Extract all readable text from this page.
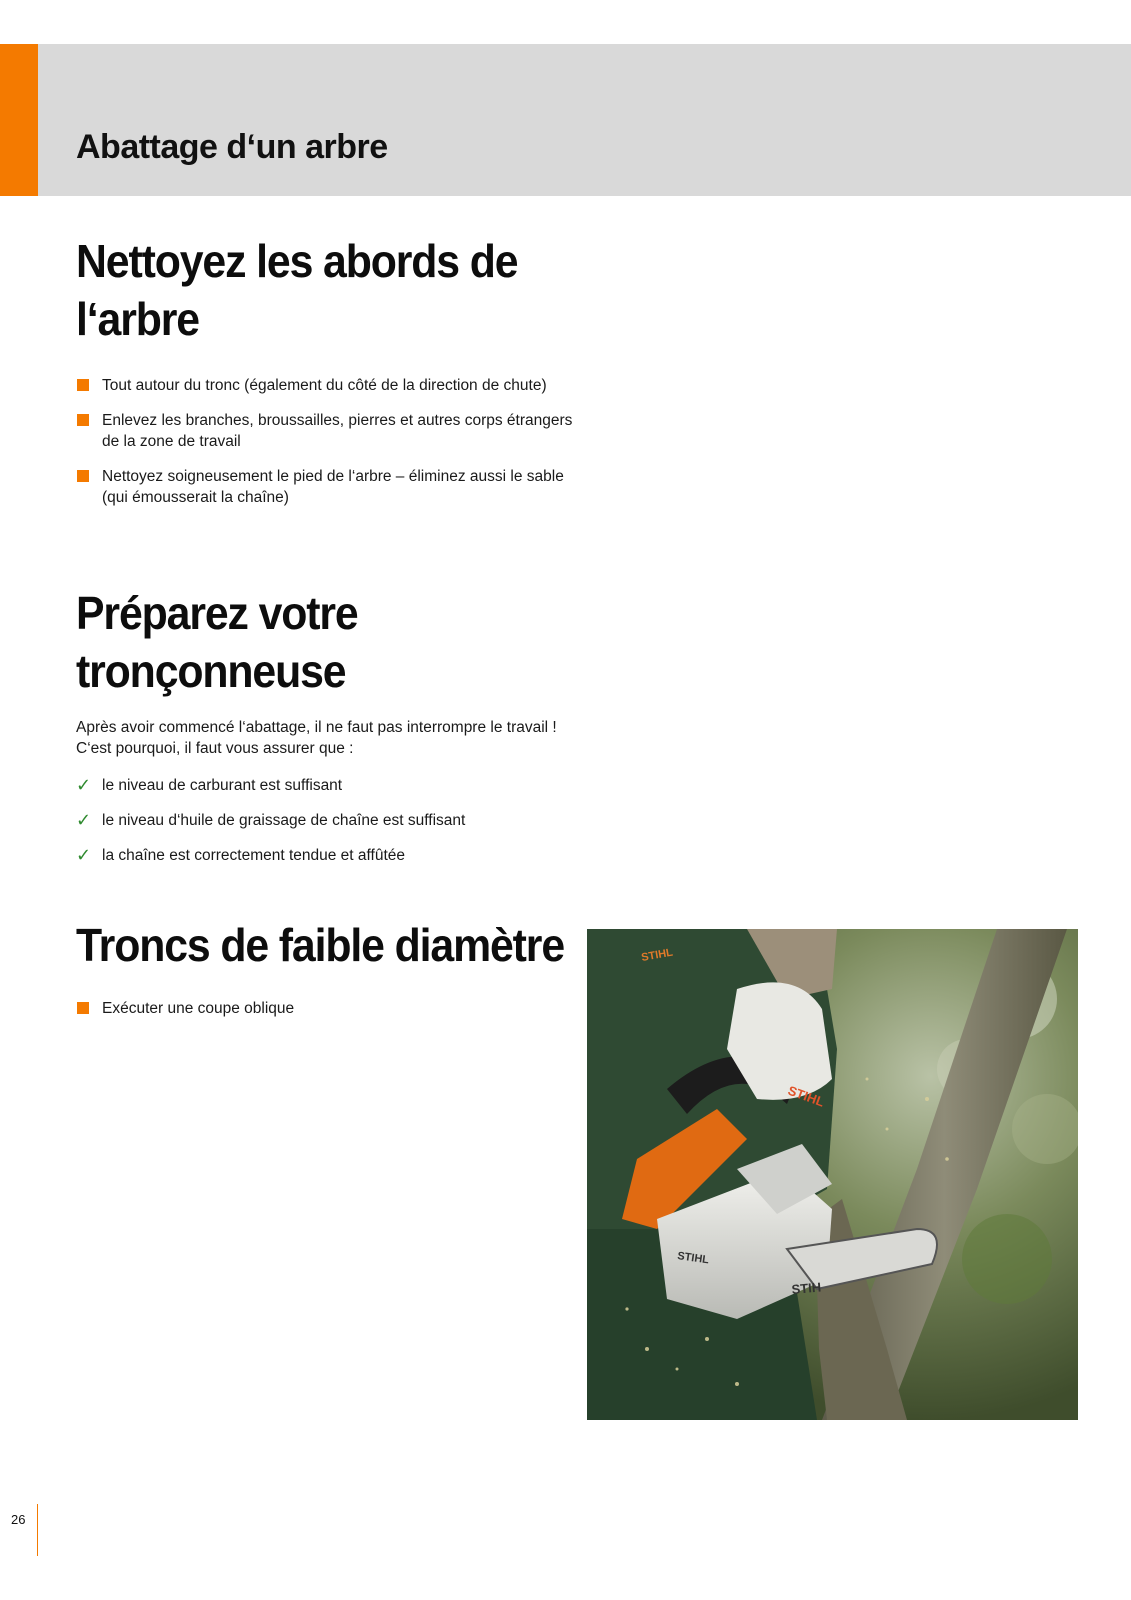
Abattage d‘un arbre
Nettoyez les abords de
l‘arbre
Tout autour du tronc (également du côté de la direction de chute)
Enlevez les branches, broussailles, pierres et autres corps étrangers de la zone de travail
Nettoyez soigneusement le pied de l‘arbre – éliminez aussi le sable (qui émousserait la chaîne)
Préparez votre
tronçonneuse
Après avoir commencé l‘abattage, il ne faut pas interrompre le travail ! C‘est pourquoi, il faut vous assurer que :
✓ le niveau de carburant est suffisant
✓ le niveau d‘huile de graissage de chaîne est suffisant
✓ la chaîne est correctement tendue et affûtée
Troncs de faible diamètre
Exécuter une coupe oblique
STIHL
STIHL
STIHL
STIH
26
